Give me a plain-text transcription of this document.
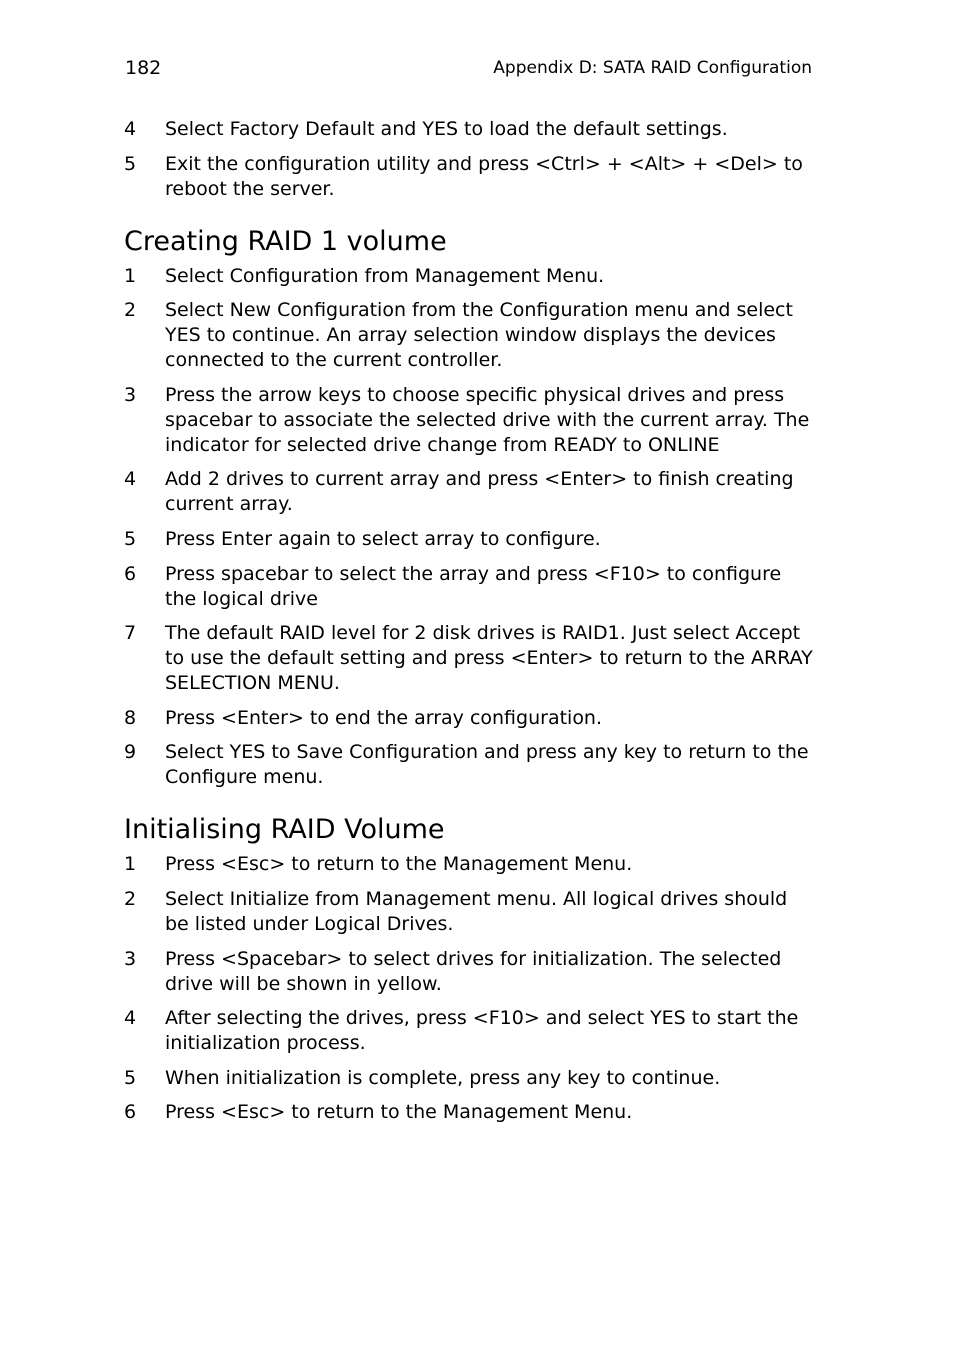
182	Appendix D: SATA RAID Configuration
4	Select Factory Default and YES to load the default settings.
5	Exit the configuration utility and press <Ctrl> + <Alt> + <Del> to reboot the server.
Creating RAID 1 volume
1	Select Configuration from Management Menu.
2	Select New Configuration from the Configuration menu and select YES to continue. An array selection window displays the devices connected to the current controller.
3	Press the arrow keys to choose specific physical drives and press spacebar to associate the selected drive with the current array. The indicator for selected drive change from READY to ONLINE
4	Add 2 drives to current array and press <Enter> to finish creating current array.
5	Press Enter again to select array to configure.
6	Press spacebar to select the array and press <F10> to configure the logical drive
7	The default RAID level for 2 disk drives is RAID1. Just select Accept to use the default setting and press <Enter> to return to the ARRAY SELECTION MENU.
8	Press <Enter> to end the array configuration.
9	Select YES to Save Configuration and press any key to return to the Configure menu.
Initialising RAID Volume
1	Press <Esc> to return to the Management Menu.
2	Select Initialize from Management menu. All logical drives should be listed under Logical Drives.
3	Press <Spacebar> to select drives for initialization. The selected drive will be shown in yellow.
4	After selecting the drives, press <F10> and select YES to start the initialization process.
5	When initialization is complete, press any key to continue.
6	Press <Esc> to return to the Management Menu.
